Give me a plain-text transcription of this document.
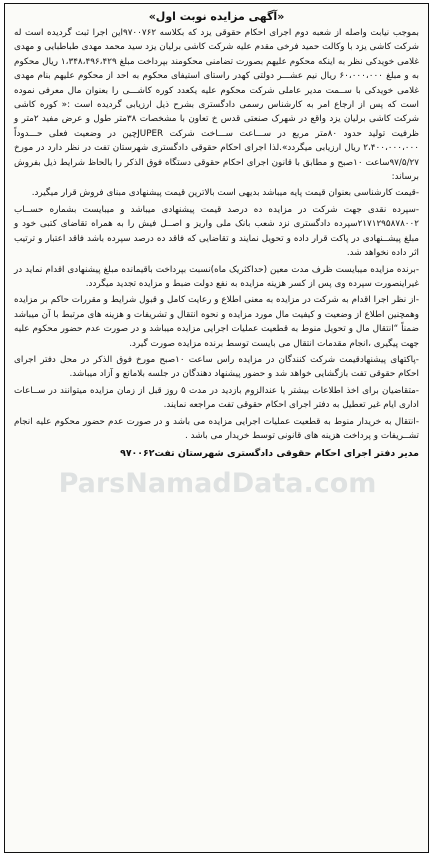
«آگهی مزایده نوبت اول»

بموجب نیابت واصله از شعبه دوم اجرای احکام حقوقی یزد که بکلاسه ۹۷۰۰۷۶۲این اجرا ثبت گردیده است له شرکت کاشی یزد با وکالت حمید فرخی مقدم علیه شرکت کاشی برلیان یزد سید محمد مهدی طباطبایی و مهدی غلامی خویدکی نظر به اینکه محکوم علیهم بصورت تضامنی محکومند بپرداخت مبلغ ۱،۳۴۸،۴۹۶،۴۲۹ ریال محکوم به و مبلغ ۶۰،۰۰۰،۰۰۰ ریال نیم عشـــر دولتی کهدر راستای استیفای محکوم به احد از محکوم علیهم بنام مهدی غلامی خویدکی با ســمت مدیر عاملی شرکت محکوم علیه یکعدد کوره کاشـــی را بعنوان مال معرفی نموده است که پس از ارجاع امر به کارشناس رسمی دادگستری بشرح ذیل ارزیابی گردیده است :« کوره کاشی شرکت کاشی برلیان یزد واقع در شهرک صنعتی قدس خ تعاون با مشخصات ۳۸متر طول و عرض مفید ۲متر و ظرفیت تولید حدود ۸۰متر مربع در ســـاعت ســـاخت شرکت JUPERچین در وضعیت فعلی حـــدوداً ۲،۴۰۰،۰۰۰،۰۰۰ ریال ارزیابی میگردد».لذا اجرای احکام حقوقی دادگستری شهرستان تفت در نظر دارد در مورخ ۹۷/۵/۲۷ساعت ۱۰صبح و مطابق با قانون اجرای احکام حقوقی دستگاه فوق الذکر را بالحاظ شرایط ذیل بفروش برساند:

-قیمت کارشناسی بعنوان قیمت پایه میباشد بدیهی است بالاترین قیمت پیشنهادی مبنای فروش قرار میگیرد.

-سپرده نقدی جهت شرکت در مزایده ده درصد قیمت پیشنهادی میباشد و میبایست بشماره حســاب ۲۱۷۱۲۹۵۸۷۸۰۰۲سپرده دادگستری نزد شعب بانک ملی واریز و اصــل فیش را به همراه تقاضای کتبی خود و مبلغ پیشــنهادی در پاکت قرار داده و تحویل نمایند و تقاضایی که فاقد ده درصد سپرده باشد فاقد اعتبار و ترتیب اثر داده نخواهد شد.

-برنده مزایده میبایست ظرف مدت معین (حداکثریک ماه)نسبت بپرداخت باقیمانده مبلغ پیشنهادی اقدام نماید در غیراینصورت سپرده وی پس از کسر هزینه مزایده به نفع دولت ضبط و مزایده تجدید میگردد.

-از نظر اجرا اقدام به شرکت در مزایده به معنی اطلاع و رعایت کامل و قبول شرایط و مقررات حاکم بر مزایده وهمچنین اطلاع از وضعیت و کیفیت مال مورد مزایده و نحوه انتقال و تشریفات و هزینه های مرتبط با آن میباشد ضمناً “انتقال مال و تحویل منوط به قطعیت عملیات اجرایی مزایده میباشد و در صورت عدم حضور محکوم علیه جهت پیگیری ،انجام مقدمات انتقال می بایست توسط برنده مزایده صورت گیرد.

-پاکتهای پیشنهادقیمت شرکت کنندگان در مزایده راس ساعت ۱۰صبح مورخ فوق الذکر در محل دفتر اجرای احکام حقوقی تفت بازگشایی خواهد شد و حضور پیشنهاد دهندگان در جلسه بلامانع و آزاد میباشد.

-متقاضیان برای اخذ اطلاعات بیشتر یا عندالزوم بازدید در مدت ۵ روز قبل از زمان مزایده میتوانند در ســاعات اداری ایام غیر تعطیل به دفتر اجرای احکام حقوقی تفت مراجعه نمایند.

-انتقال به خریدار منوط به قطعیت عملیات اجرایی مزایده می باشد و در صورت عدم حضور محکوم علیه انجام تشــریفات و پرداخت هزینه های قانونی توسط خریدار می باشد .

مدیر دفتر اجرای احکام حقوقی دادگستری شهرستان تفت۹۷۰۰۶۲
ParsNamadData.com
